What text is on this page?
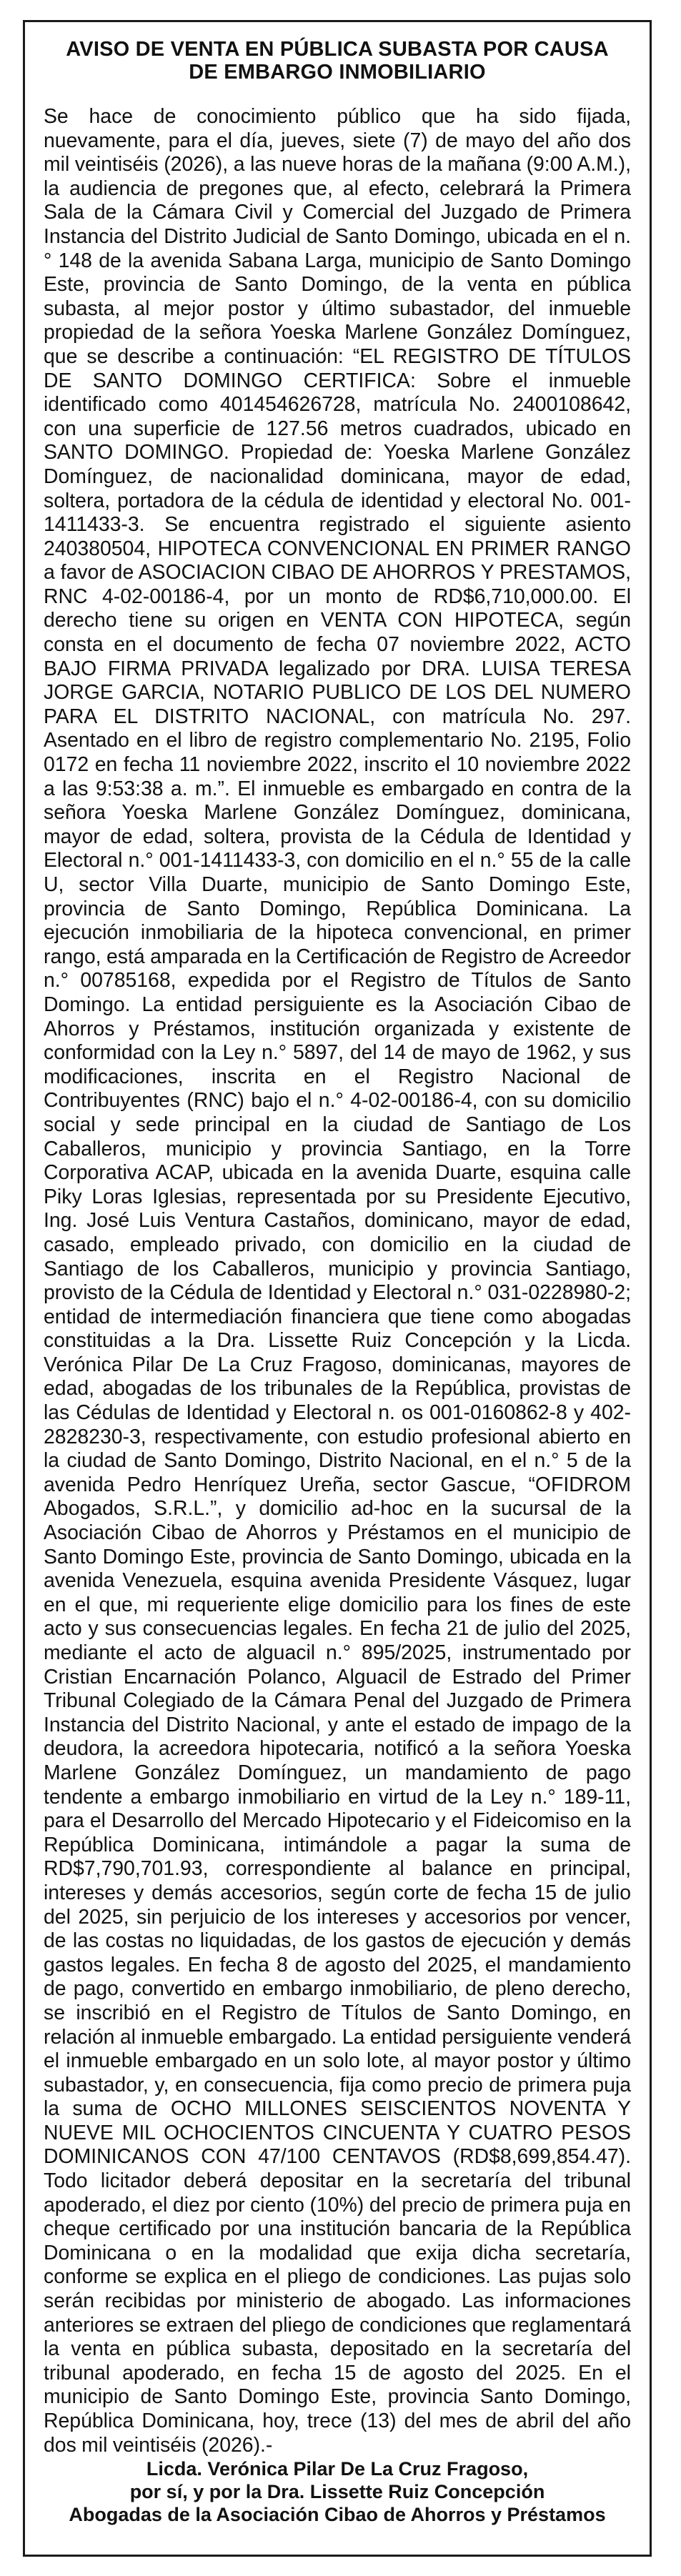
AVISO DE VENTA EN PÚBLICA SUBASTA POR CAUSA
DE EMBARGO INMOBILIARIO

Se hace de conocimiento público que ha sido fijada, nuevamente, para el día, jueves, siete (7) de mayo del año dos mil veintiséis (2026), a las nueve horas de la mañana (9:00 A.M.), la audiencia de pregones que, al efecto, celebrará la Primera Sala de la Cámara Civil y Comercial del Juzgado de Primera Instancia del Distrito Judicial de Santo Domingo, ubicada en el n.° 148 de la avenida Sabana Larga, municipio de Santo Domingo Este, provincia de Santo Domingo, de la venta en pública subasta, al mejor postor y último subastador, del inmueble propiedad de la señora Yoeska Marlene González Domínguez, que se describe a continuación: “EL REGISTRO DE TÍTULOS DE SANTO DOMINGO CERTIFICA: Sobre el inmueble identificado como 401454626728, matrícula No. 2400108642, con una superficie de 127.56 metros cuadrados, ubicado en SANTO DOMINGO. Propiedad de: Yoeska Marlene González Domínguez, de nacionalidad dominicana, mayor de edad, soltera, portadora de la cédula de identidad y electoral No. 001-1411433-3. Se encuentra registrado el siguiente asiento 240380504, HIPOTECA CONVENCIONAL EN PRIMER RANGO a favor de ASOCIACION CIBAO DE AHORROS Y PRESTAMOS, RNC 4-02-00186-4, por un monto de RD$6,710,000.00. El derecho tiene su origen en VENTA CON HIPOTECA, según consta en el documento de fecha 07 noviembre 2022, ACTO BAJO FIRMA PRIVADA legalizado por DRA. LUISA TERESA JORGE GARCIA, NOTARIO PUBLICO DE LOS DEL NUMERO PARA EL DISTRITO NACIONAL, con matrícula No. 297. Asentado en el libro de registro complementario No. 2195, Folio 0172 en fecha 11 noviembre 2022, inscrito el 10 noviembre 2022 a las 9:53:38 a. m.”. El inmueble es embargado en contra de la señora Yoeska Marlene González Domínguez, dominicana, mayor de edad, soltera, provista de la Cédula de Identidad y Electoral n.° 001-1411433-3, con domicilio en el n.° 55 de la calle U, sector Villa Duarte, municipio de Santo Domingo Este, provincia de Santo Domingo, República Dominicana. La ejecución inmobiliaria de la hipoteca convencional, en primer rango, está amparada en la Certificación de Registro de Acreedor n.° 00785168, expedida por el Registro de Títulos de Santo Domingo. La entidad persiguiente es la Asociación Cibao de Ahorros y Préstamos, institución organizada y existente de conformidad con la Ley n.° 5897, del 14 de mayo de 1962, y sus modificaciones, inscrita en el Registro Nacional de Contribuyentes (RNC) bajo el n.° 4-02-00186-4, con su domicilio social y sede principal en la ciudad de Santiago de Los Caballeros, municipio y provincia Santiago, en la Torre Corporativa ACAP, ubicada en la avenida Duarte, esquina calle Piky Loras Iglesias, representada por su Presidente Ejecutivo, Ing. José Luis Ventura Castaños, dominicano, mayor de edad, casado, empleado privado, con domicilio en la ciudad de Santiago de los Caballeros, municipio y provincia Santiago, provisto de la Cédula de Identidad y Electoral n.° 031-0228980-2; entidad de intermediación financiera que tiene como abogadas constituidas a la Dra. Lissette Ruiz Concepción y la Licda. Verónica Pilar De La Cruz Fragoso, dominicanas, mayores de edad, abogadas de los tribunales de la República, provistas de las Cédulas de Identidad y Electoral n. os 001-0160862-8 y 402-2828230-3, respectivamente, con estudio profesional abierto en la ciudad de Santo Domingo, Distrito Nacional, en el n.° 5 de la avenida Pedro Henríquez Ureña, sector Gascue, “OFIDROM Abogados, S.R.L.”, y domicilio ad-hoc en la sucursal de la Asociación Cibao de Ahorros y Préstamos en el municipio de Santo Domingo Este, provincia de Santo Domingo, ubicada en la avenida Venezuela, esquina avenida Presidente Vásquez, lugar en el que, mi requeriente elige domicilio para los fines de este acto y sus consecuencias legales. En fecha 21 de julio del 2025, mediante el acto de alguacil n.° 895/2025, instrumentado por Cristian Encarnación Polanco, Alguacil de Estrado del Primer Tribunal Colegiado de la Cámara Penal del Juzgado de Primera Instancia del Distrito Nacional, y ante el estado de impago de la deudora, la acreedora hipotecaria, notificó a la señora Yoeska Marlene González Domínguez, un mandamiento de pago tendente a embargo inmobiliario en virtud de la Ley n.° 189-11, para el Desarrollo del Mercado Hipotecario y el Fideicomiso en la República Dominicana, intimándole a pagar la suma de RD$7,790,701.93, correspondiente al balance en principal, intereses y demás accesorios, según corte de fecha 15 de julio del 2025, sin perjuicio de los intereses y accesorios por vencer, de las costas no liquidadas, de los gastos de ejecución y demás gastos legales. En fecha 8 de agosto del 2025, el mandamiento de pago, convertido en embargo inmobiliario, de pleno derecho, se inscribió en el Registro de Títulos de Santo Domingo, en relación al inmueble embargado. La entidad persiguiente venderá el inmueble embargado en un solo lote, al mayor postor y último subastador, y, en consecuencia, fija como precio de primera puja la suma de OCHO MILLONES SEISCIENTOS NOVENTA Y NUEVE MIL OCHOCIENTOS CINCUENTA Y CUATRO PESOS DOMINICANOS CON 47/100 CENTAVOS (RD$8,699,854.47). Todo licitador deberá depositar en la secretaría del tribunal apoderado, el diez por ciento (10%) del precio de primera puja en cheque certificado por una institución bancaria de la República Dominicana o en la modalidad que exija dicha secretaría, conforme se explica en el pliego de condiciones. Las pujas solo serán recibidas por ministerio de abogado. Las informaciones anteriores se extraen del pliego de condiciones que reglamentará la venta en pública subasta, depositado en la secretaría del tribunal apoderado, en fecha 15 de agosto del 2025. En el municipio de Santo Domingo Este, provincia Santo Domingo, República Dominicana, hoy, trece (13) del mes de abril del año dos mil veintiséis (2026).-

Licda. Verónica Pilar De La Cruz Fragoso,
por sí, y por la Dra. Lissette Ruiz Concepción
Abogadas de la Asociación Cibao de Ahorros y Préstamos
